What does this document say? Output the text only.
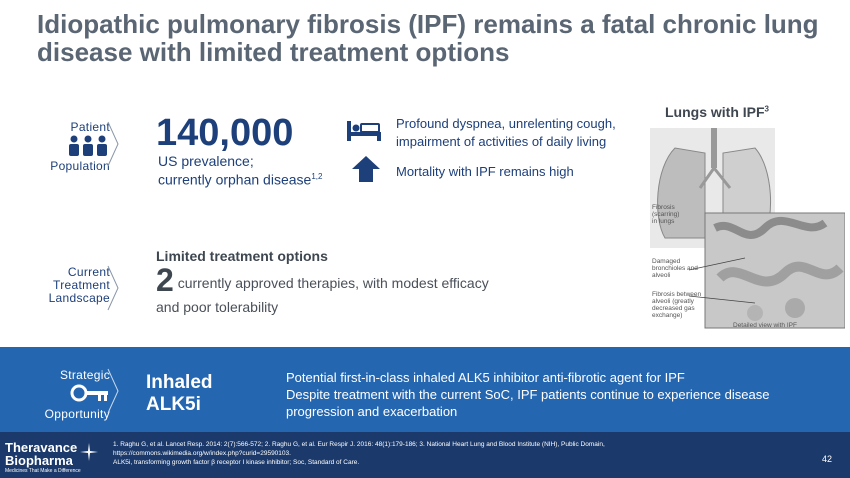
Idiopathic pulmonary fibrosis (IPF) remains a fatal chronic lung disease with limited treatment options
Patient
Population
140,000
US prevalence;
currently orphan disease$^{1,2}$
Profound dyspnea, unrelenting cough, impairment of activities of daily living
Mortality with IPF remains high
Current
Treatment
Landscape
Limited treatment options
2 currently approved therapies, with modest efficacy and poor tolerability
Lungs with IPF$^3$
Fibrosis (scarring) in lungs
Damaged bronchioles and alveoli
Fibrosis between alveoli (greatly decreased gas exchange)
Detailed view with IPF
Strategic
Opportunity
Inhaled
ALK5i
Potential first-in-class inhaled ALK5 inhibitor anti-fibrotic agent for IPF
Despite treatment with the current SoC, IPF patients continue to experience disease progression and exacerbation
Theravance
Biopharma
Medicines That Make a Difference
1. Raghu G, et al. Lancet Resp. 2014: 2(7):566-572; 2. Raghu G, et al. Eur Respir J. 2016: 48(1):179-186; 3. National Heart Lung and Blood Institute (NIH), Public Domain,
https://commons.wikimedia.org/w/index.php?curid=29590103.
ALK5i, transforming growth factor β receptor I kinase inhibitor; Soc, Standard of Care.	42
